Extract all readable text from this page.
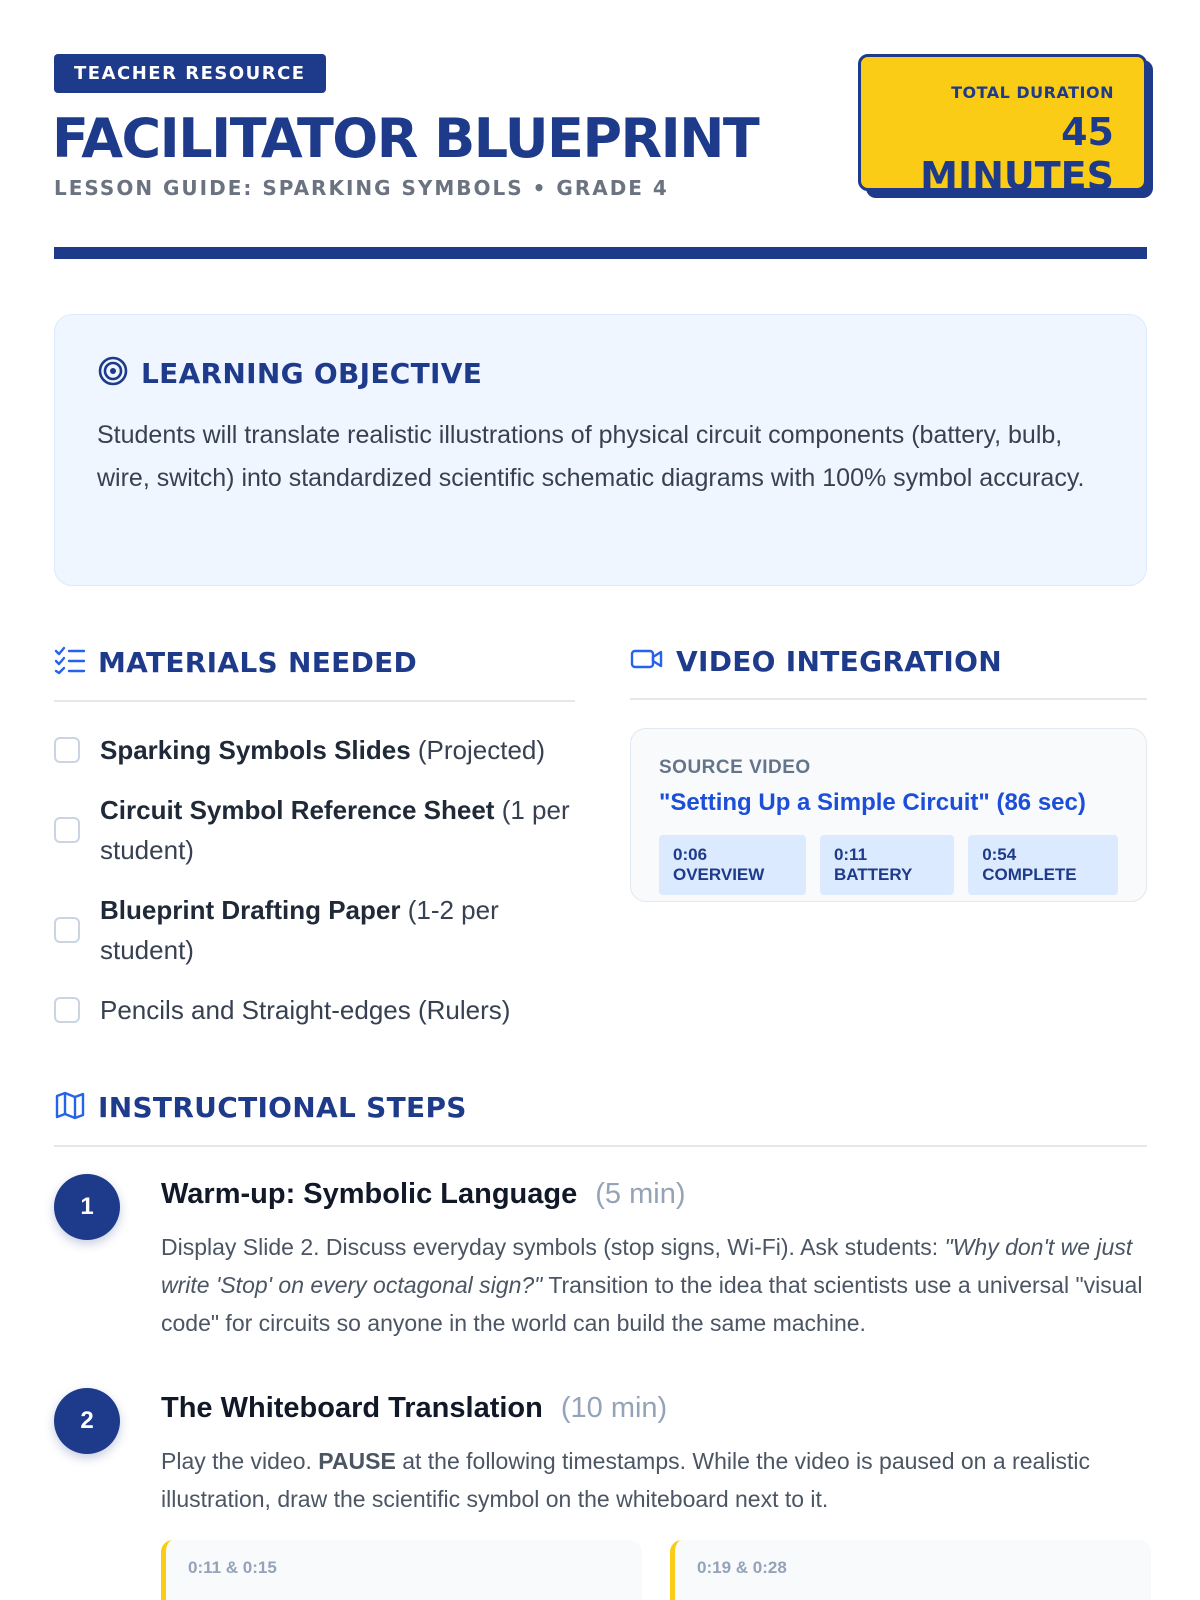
TEACHER RESOURCE
FACILITATOR BLUEPRINT
LESSON GUIDE: SPARKING SYMBOLS • GRADE 4
TOTAL DURATION
45 MINUTES
LEARNING OBJECTIVE
Students will translate realistic illustrations of physical circuit components (battery, bulb, wire, switch) into standardized scientific schematic diagrams with 100% symbol accuracy.
MATERIALS NEEDED
Sparking Symbols Slides (Projected)
Circuit Symbol Reference Sheet (1 per student)
Blueprint Drafting Paper (1-2 per student)
Pencils and Straight-edges (Rulers)
VIDEO INTEGRATION
SOURCE VIDEO
"Setting Up a Simple Circuit" (86 sec)
0:06 OVERVIEW
0:11 BATTERY
0:54 COMPLETE
INSTRUCTIONAL STEPS
1	Warm-up: Symbolic Language (5 min)
Display Slide 2. Discuss everyday symbols (stop signs, Wi-Fi). Ask students: "Why don't we just write 'Stop' on every octagonal sign?" Transition to the idea that scientists use a universal "visual code" for circuits so anyone in the world can build the same machine.
2	The Whiteboard Translation (10 min)
Play the video. PAUSE at the following timestamps. While the video is paused on a realistic illustration, draw the scientific symbol on the whiteboard next to it.
0:11 & 0:15	0:19 & 0:28
